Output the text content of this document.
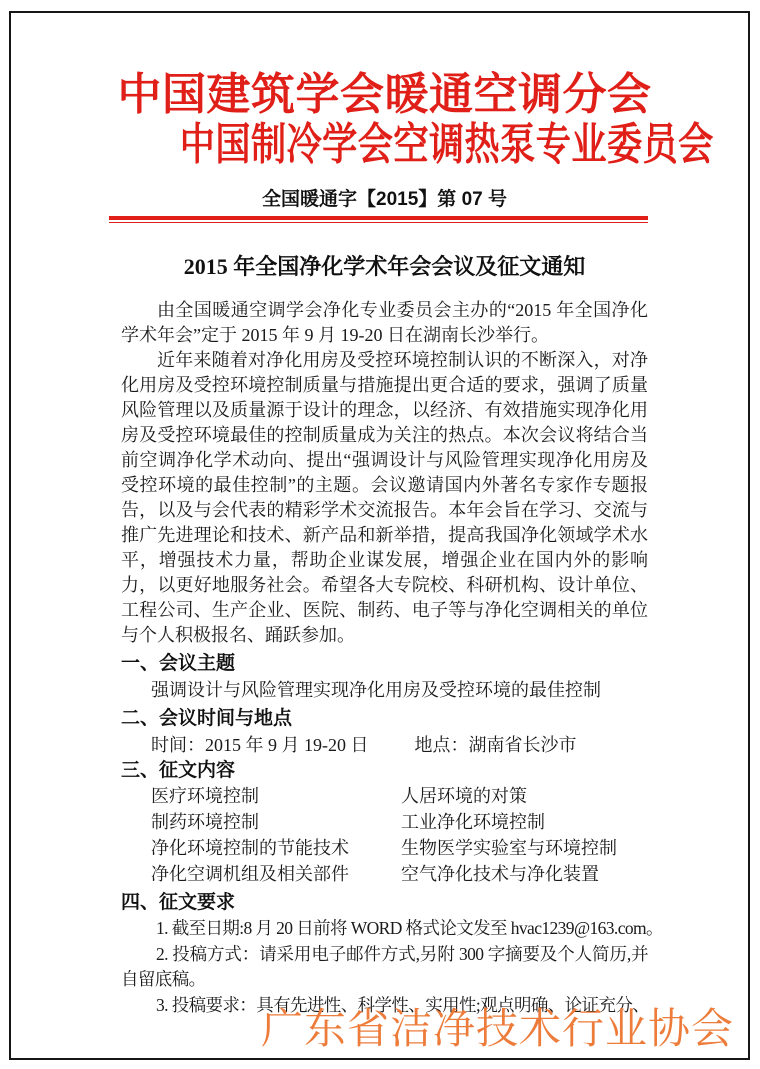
中国建筑学会暖通空调分会
中国制冷学会空调热泵专业委员会
全国暖通字【2015】第 07 号
2015 年全国净化学术年会会议及征文通知

由全国暖通空调学会净化专业委员会主办的“2015 年全国净化学术年会”定于 2015 年 9 月 19-20 日在湖南长沙举行。

近年来随着对净化用房及受控环境控制认识的不断深入，对净化用房及受控环境控制质量与措施提出更合适的要求，强调了质量风险管理以及质量源于设计的理念，以经济、有效措施实现净化用房及受控环境最佳的控制质量成为关注的热点。本次会议将结合当前空调净化学术动向、提出“强调设计与风险管理实现净化用房及受控环境的最佳控制”的主题。会议邀请国内外著名专家作专题报告，以及与会代表的精彩学术交流报告。本年会旨在学习、交流与推广先进理论和技术、新产品和新举措，提高我国净化领域学术水平，增强技术力量，帮助企业谋发展，增强企业在国内外的影响力，以更好地服务社会。希望各大专院校、科研机构、设计单位、工程公司、生产企业、医院、制药、电子等与净化空调相关的单位与个人积极报名、踊跃参加。

一、会议主题
强调设计与风险管理实现净化用房及受控环境的最佳控制
二、会议时间与地点
时间：2015 年 9 月 19-20 日	地点：湖南省长沙市
三、征文内容
医疗环境控制	人居环境的对策
制药环境控制	工业净化环境控制
净化环境控制的节能技术	生物医学实验室与环境控制
净化空调机组及相关部件	空气净化技术与净化装置
四、征文要求

1. 截至日期:8 月 20 日前将 WORD 格式论文发至 hvac1239@163.com。

2. 投稿方式：请采用电子邮件方式,另附 300 字摘要及个人简历,并自留底稿。

3. 投稿要求：具有先进性、科学性、实用性;观点明确、论证充分、

广东省洁净技术行业协会
